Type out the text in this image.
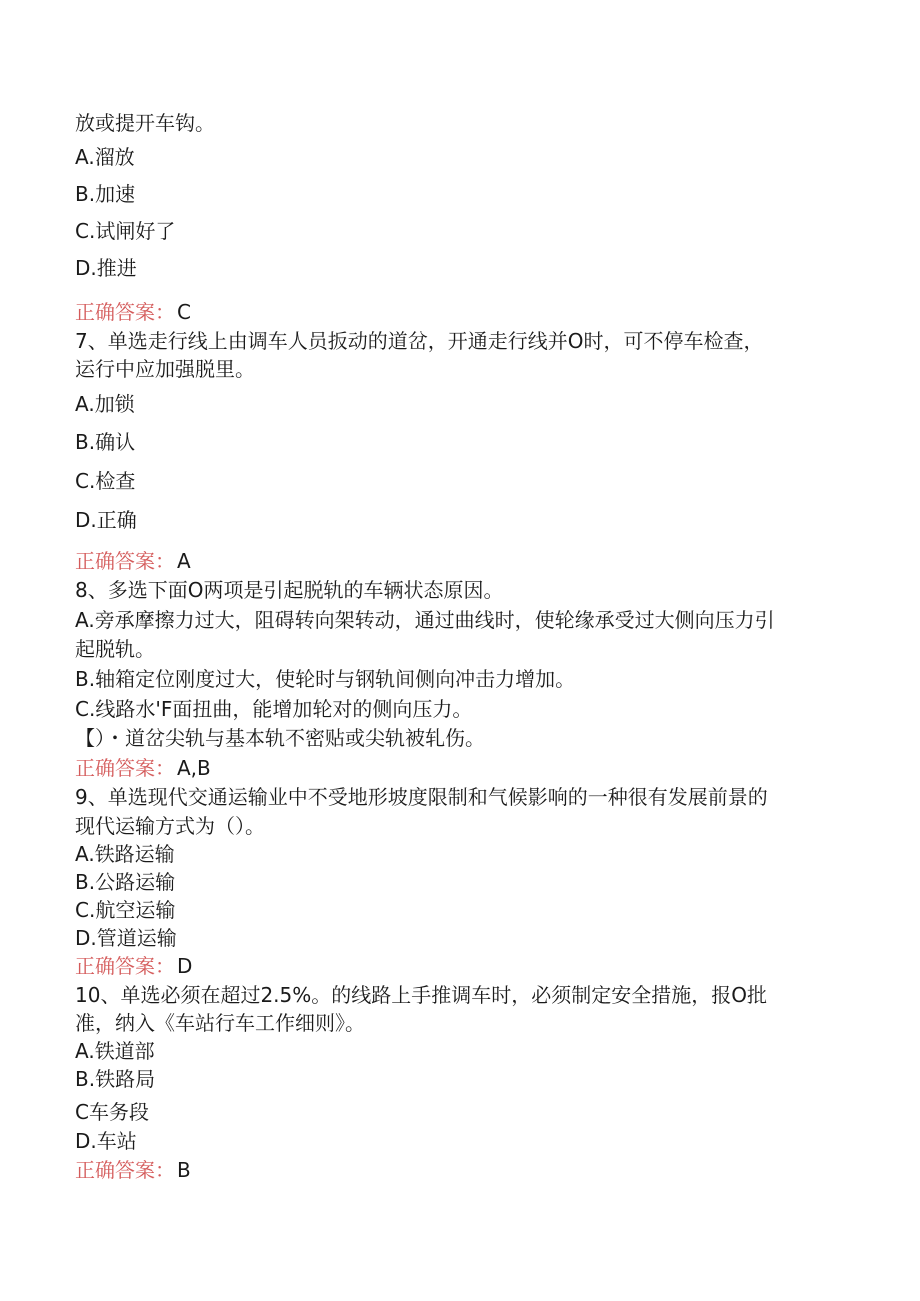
放或提开车钩。
A.溜放
B.加速
C.试闸好了
D.推进
正确答案： C
7、单选走行线上由调车人员扳动的道岔，开通走行线并O时，可不停车检查，
运行中应加强脱里。
A.加锁
B.确认
C.检查
D.正确
正确答案： A
8、多选下面O两项是引起脱轨的车辆状态原因。
A.旁承摩擦力过大，阻碍转向架转动，通过曲线时，使轮缘承受过大侧向压力引
起脱轨。
B.轴箱定位刚度过大，使轮时与钢轨间侧向冲击力增加。
C.线路水'F面扭曲，能增加轮对的侧向压力。
【）・道岔尖轨与基本轨不密贴或尖轨被轧伤。
正确答案： A,B
9、单选现代交通运输业中不受地形坡度限制和气候影响的一种很有发展前景的
现代运输方式为（）。
A.铁路运输
B.公路运输
C.航空运输
D.管道运输
正确答案： D
10、单选必须在超过2.5%。的线路上手推调车时，必须制定安全措施，报O批
准，纳入《车站行车工作细则》。
A.铁道部
B.铁路局
C车务段
D.车站
正确答案： B
